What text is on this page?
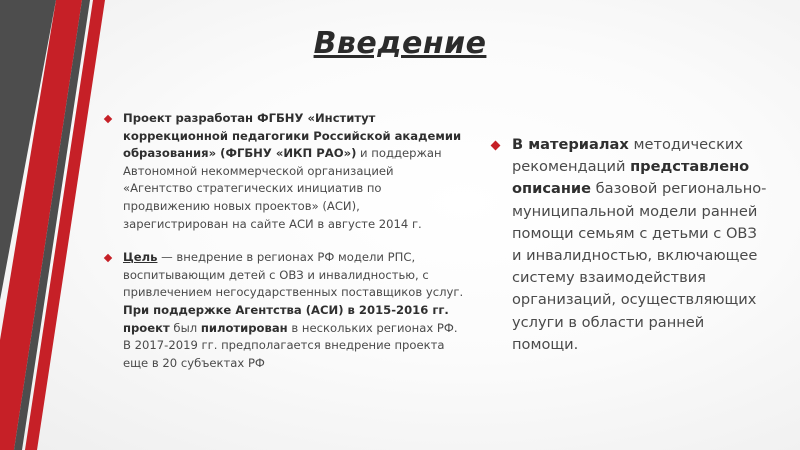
Введение
Проект разработан ФГБНУ «Институт коррекционной педагогики Российской академии образования» (ФГБНУ «ИКП РАО») и поддержан Автономной некоммерческой организацией «Агентство стратегических инициатив по продвижению новых проектов» (АСИ), зарегистрирован на сайте АСИ в августе 2014 г.
Цель — внедрение в регионах РФ модели РПС, воспитывающим детей с ОВЗ и инвалидностью, с привлечением негосударственных поставщиков услуг. При поддержке Агентства (АСИ) в 2015-2016 гг. проект был пилотирован в нескольких регионах РФ. В 2017-2019 гг. предполагается внедрение проекта еще в 20 субъектах РФ
В материалах методических рекомендаций представлено описание базовой регионально-муниципальной модели ранней помощи семьям с детьми с ОВЗ и инвалидностью, включающее систему взаимодействия организаций, осуществляющих услуги в области ранней помощи.
